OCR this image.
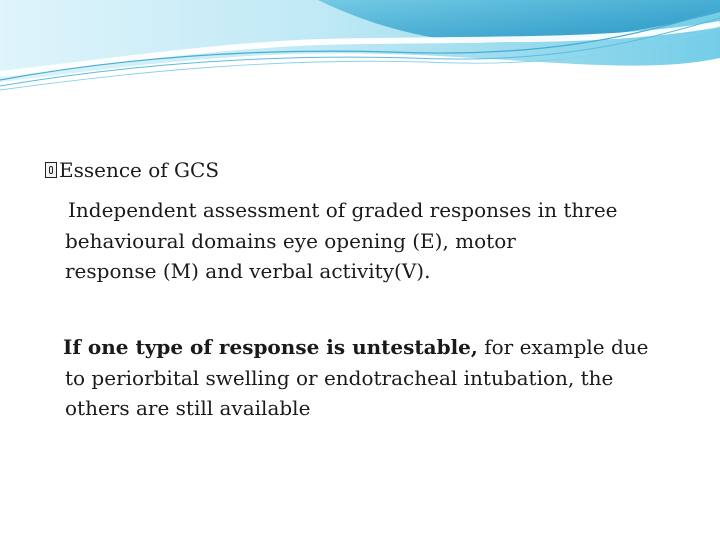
Essence of GCS

Independent assessment of graded responses in three
behavioural domains eye opening (E), motor
response (M) and verbal activity(V).

If one type of response is untestable, for example due
to periorbital swelling or endotracheal intubation, the
others are still available
